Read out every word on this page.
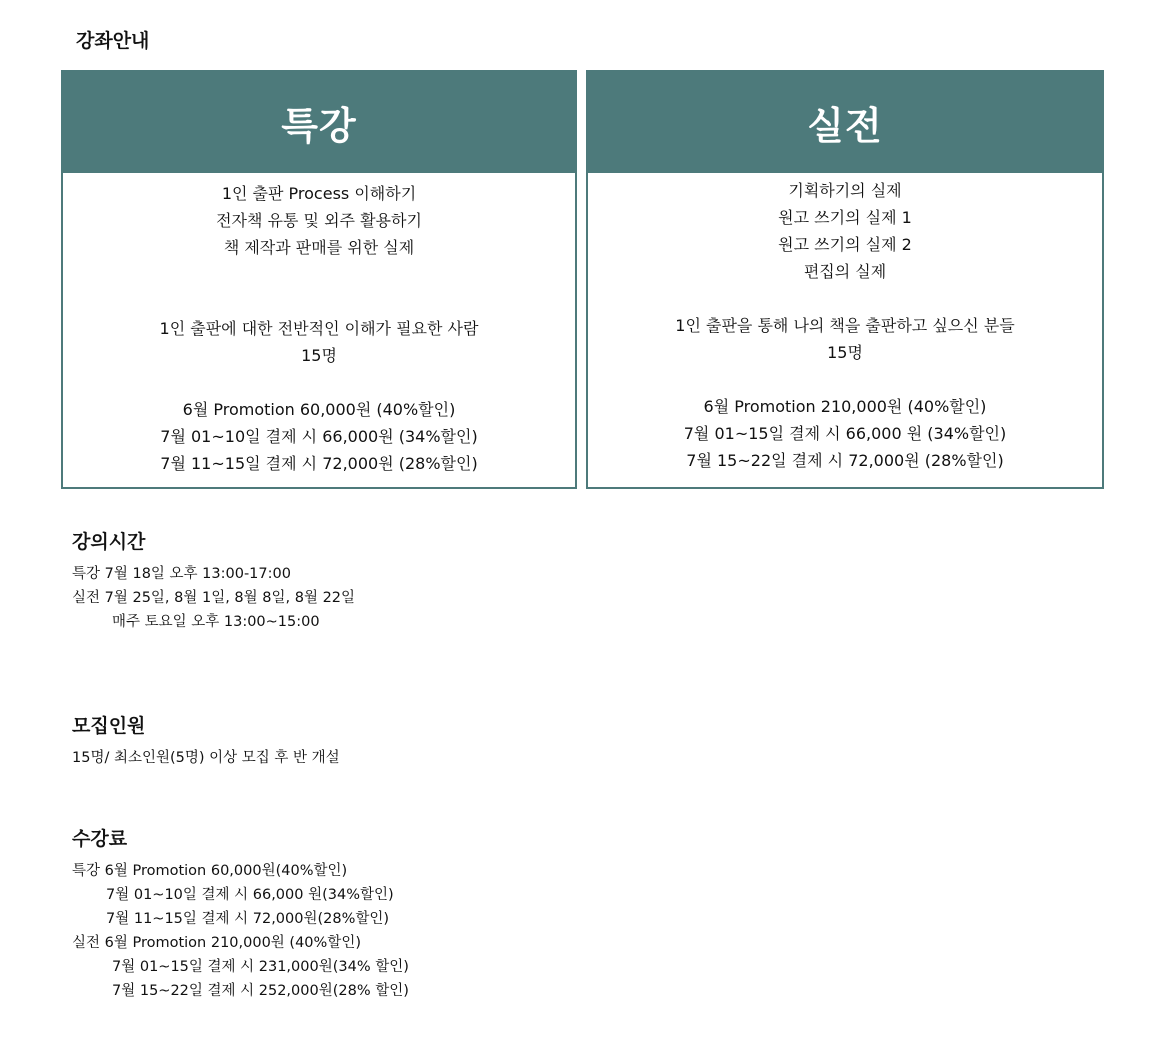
강좌안내
특강
1인 출판 Process 이해하기
전자책 유통 및 외주 활용하기
책 제작과 판매를 위한 실제
1인 출판에 대한 전반적인 이해가 필요한 사람
15명
6월 Promotion 60,000원 (40%할인)
7월 01~10일 결제 시 66,000원 (34%할인)
7월 11~15일 결제 시 72,000원 (28%할인)
실전
기획하기의 실제
원고 쓰기의 실제 1
원고 쓰기의 실제 2
편집의 실제
1인 출판을 통해 나의 책을 출판하고 싶으신 분들
15명
6월 Promotion 210,000원 (40%할인)
7월 01~15일 결제 시 66,000 원 (34%할인)
7월 15~22일 결제 시 72,000원 (28%할인)
강의시간
특강 7월 18일 오후 13:00-17:00
실전 7월 25일, 8월 1일, 8월 8일, 8월 22일
매주 토요일 오후 13:00~15:00
모집인원
15명/ 최소인원(5명) 이상 모집 후 반 개설
수강료
특강 6월 Promotion 60,000원(40%할인)
7월 01~10일 결제 시 66,000 원(34%할인)
7월 11~15일 결제 시 72,000원(28%할인)
실전 6월 Promotion 210,000원 (40%할인)
7월 01~15일 결제 시 231,000원(34% 할인)
7월 15~22일 결제 시 252,000원(28% 할인)
